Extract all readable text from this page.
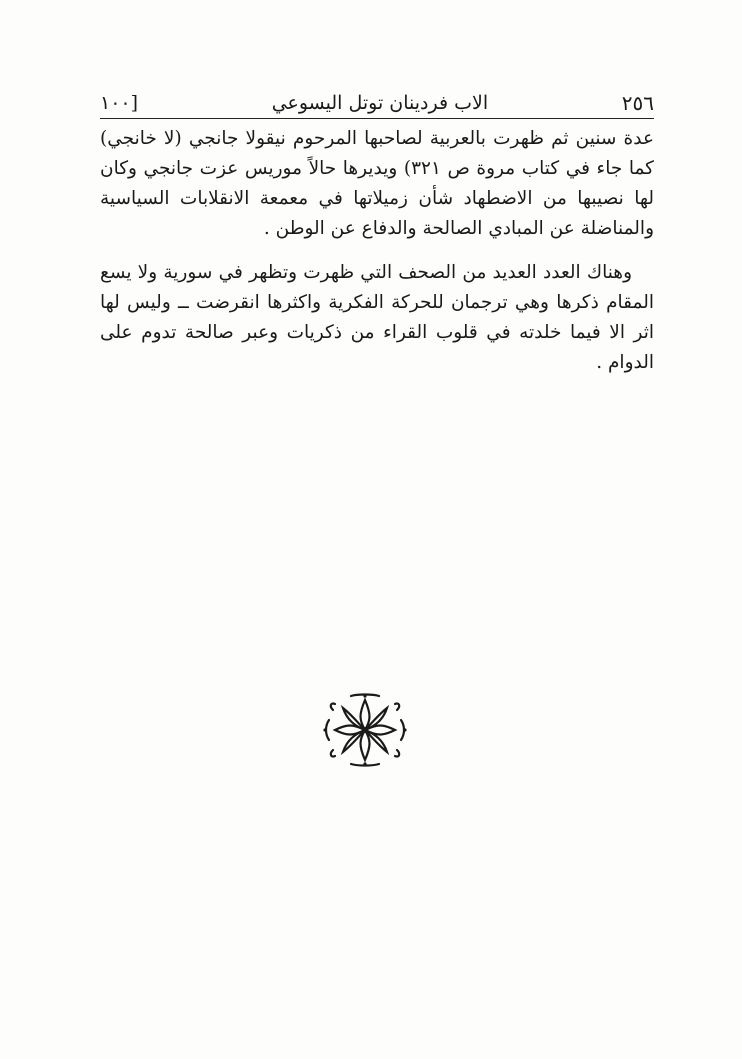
٢٥٦
الاب فردينان توتل اليسوعي
[١٠٠

عدة سنين ثم ظهرت بالعربية لصاحبها المرحوم نيقولا جانجي (لا خانجي) كما جاء في كتاب مروة ص ٣٢١) ويديرها حالاً موريس عزت جانجي وكان لها نصيبها من الاضطهاد شأن زميلاتها في معمعة الانقلابات السياسية والمناضلة عن المبادي الصالحة والدفاع عن الوطن .

وهناك العدد العديد من الصحف التي ظهرت وتظهر في سورية ولا يسع المقام ذكرها وهي ترجمان للحركة الفكرية واكثرها انقرضت ــ وليس لها اثر الا فيما خلدته في قلوب القراء من ذكريات وعبر صالحة تدوم على الدوام .
